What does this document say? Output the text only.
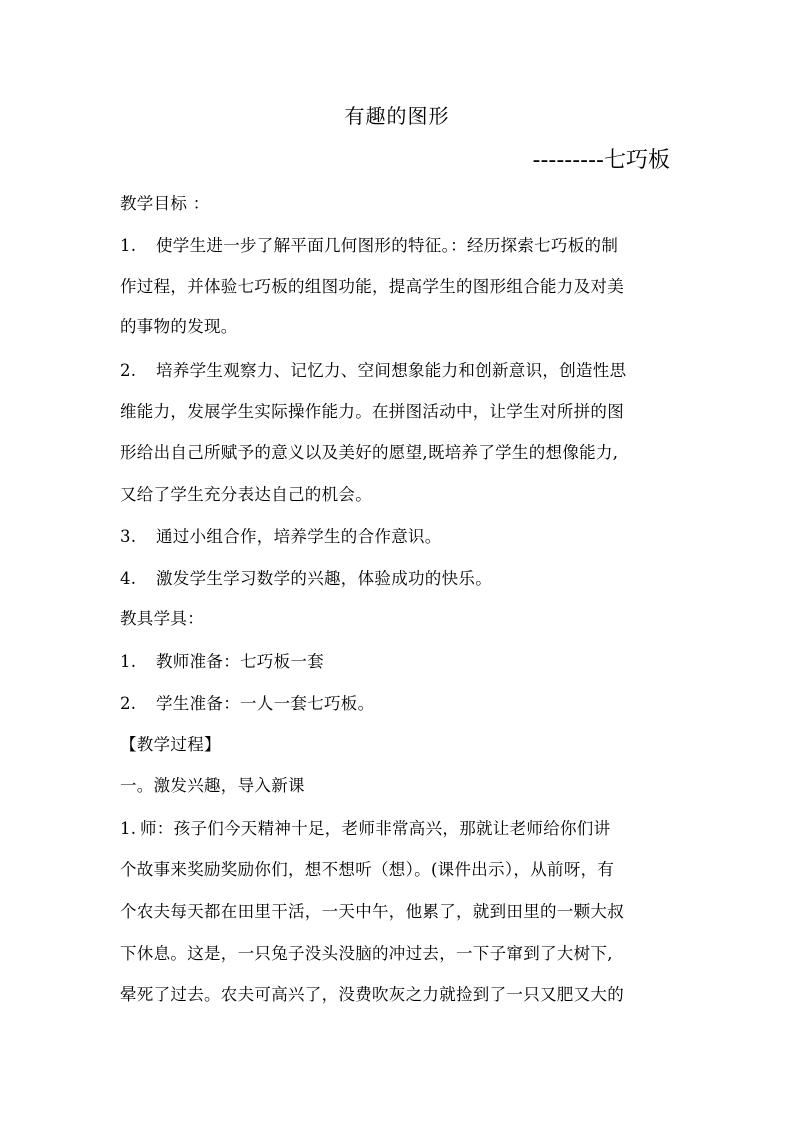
有趣的图形
---------七巧板
教学目标 ：
1. 使学生进一步了解平面几何图形的特征。：经历探索七巧板的制
作过程，并体验七巧板的组图功能，提高学生的图形组合能力及对美
的事物的发现。
2. 培养学生观察力、记忆力、空间想象能力和创新意识，创造性思
维能力，发展学生实际操作能力。在拼图活动中，让学生对所拼的图
形给出自己所赋予的意义以及美好的愿望,既培养了学生的想像能力,
又给了学生充分表达自己的机会。
3. 通过小组合作，培养学生的合作意识。
4. 激发学生学习数学的兴趣，体验成功的快乐。
教具学具：
1. 教师准备：七巧板一套
2. 学生准备：一人一套七巧板。
【教学过程】
一。激发兴趣，导入新课
1. 师：孩子们今天精神十足，老师非常高兴，那就让老师给你们讲
个故事来奖励奖励你们，想不想听（想）。(课件出示），从前呀，有
个农夫每天都在田里干活，一天中午，他累了，就到田里的一颗大叔
下休息。这是，一只兔子没头没脑的冲过去，一下子窜到了大树下,
晕死了过去。农夫可高兴了，没费吹灰之力就捡到了一只又肥又大的
